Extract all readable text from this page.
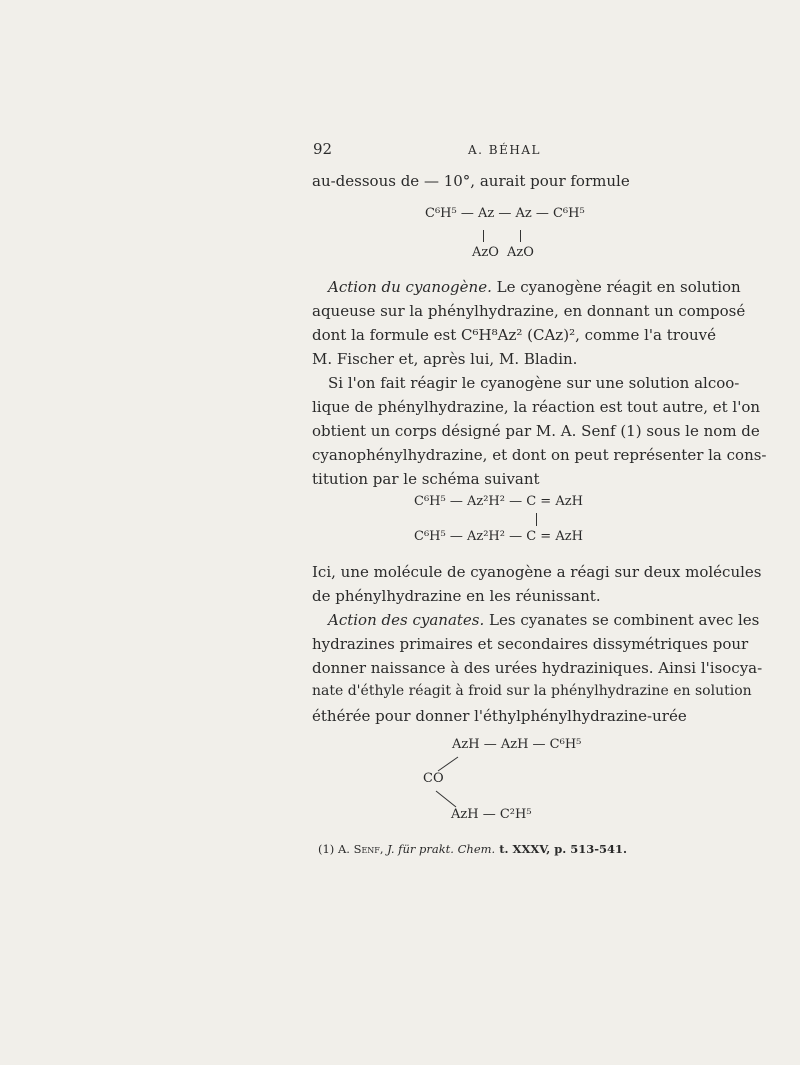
92	A. BÉHAL
au-dessous de — 10°, aurait pour formule
C⁶H⁵ — Az — Az — C⁶H⁵
AzO AzO
Action du cyanogène. Le cyanogène réagit en solution
aqueuse sur la phénylhydrazine, en donnant un composé
dont la formule est C⁶H⁸Az² (CAz)², comme l'a trouvé
M. Fischer et, après lui, M. Bladin.
Si l'on fait réagir le cyanogène sur une solution alcoo-
lique de phénylhydrazine, la réaction est tout autre, et l'on
obtient un corps désigné par M. A. Senf (1) sous le nom de
cyanophénylhydrazine, et dont on peut représenter la cons-
titution par le schéma suivant
C⁶H⁵ — Az²H² — C = AzH
C⁶H⁵ — Az²H² — C = AzH
Ici, une molécule de cyanogène a réagi sur deux molécules
de phénylhydrazine en les réunissant.
Action des cyanates. Les cyanates se combinent avec les
hydrazines primaires et secondaires dissymétriques pour
donner naissance à des urées hydraziniques. Ainsi l'isocya-
nate d'éthyle réagit à froid sur la phénylhydrazine en solution
éthérée pour donner l'éthylphénylhydrazine-urée
AzH — AzH — C⁶H⁵
CO
AzH — C²H⁵
(1) A. Senf, J. für prakt. Chem. t. XXXV, p. 513-541.
